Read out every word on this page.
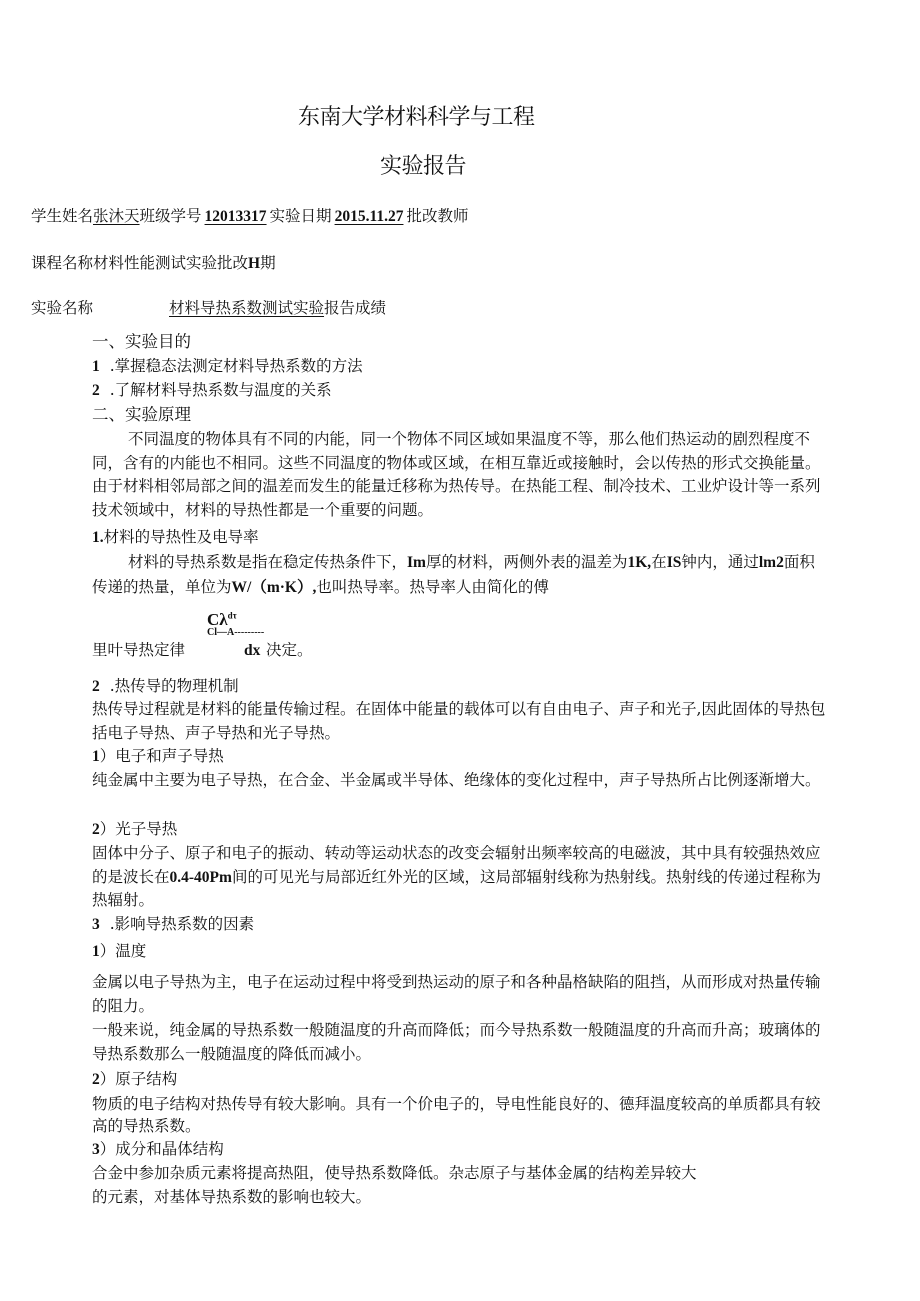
东南大学材料科学与工程
实验报告
学生姓名张沐天班级学号 12013317 实验日期 2015.11.27 批改教师
课程名称材料性能测试实验批改H期
实验名称	材料导热系数测试实验报告成绩
一、实验目的
1 .掌握稳态法测定材料导热系数的方法
2 .了解材料导热系数与温度的关系
二、实验原理
不同温度的物体具有不同的内能，同一个物体不同区域如果温度不等，那么他们热运动的剧烈程度不同，含有的内能也不相同。这些不同温度的物体或区域，在相互靠近或接触时，会以传热的形式交换能量。由于材料相邻局部之间的温差而发生的能量迁移称为热传导。在热能工程、制冷技术、工业炉设计等一系列技术领域中，材料的导热性都是一个重要的问题。
1.材料的导热性及电导率
材料的导热系数是指在稳定传热条件下，Im厚的材料，两侧外表的温差为1K,在IS钟内，通过lm2面积传递的热量，单位为W/（m·K）,也叫热导率。热导率人由简化的傅
$C\lambda^{d\tau}$
Cl—A---------
里叶导热定律	dx 决定。
2 .热传导的物理机制
热传导过程就是材料的能量传输过程。在固体中能量的载体可以有自由电子、声子和光子,因此固体的导热包括电子导热、声子导热和光子导热。
1）电子和声子导热
纯金属中主要为电子导热，在合金、半金属或半导体、绝缘体的变化过程中，声子导热所占比例逐渐增大。
2）光子导热
固体中分子、原子和电子的振动、转动等运动状态的改变会辐射出频率较高的电磁波，其中具有较强热效应的是波长在0.4-40Pm间的可见光与局部近红外光的区域，这局部辐射线称为热射线。热射线的传递过程称为热辐射。
3 .影响导热系数的因素
1）温度
金属以电子导热为主，电子在运动过程中将受到热运动的原子和各种晶格缺陷的阻挡，从而形成对热量传输的阻力。
一般来说，纯金属的导热系数一般随温度的升高而降低；而今导热系数一般随温度的升高而升高；玻璃体的导热系数那么一般随温度的降低而减小。
2）原子结构
物质的电子结构对热传导有较大影响。具有一个价电子的，导电性能良好的、德拜温度较高的单质都具有较高的导热系数。
3）成分和晶体结构
合金中参加杂质元素将提高热阻，使导热系数降低。杂志原子与基体金属的结构差异较大
的元素，对基体导热系数的影响也较大。
